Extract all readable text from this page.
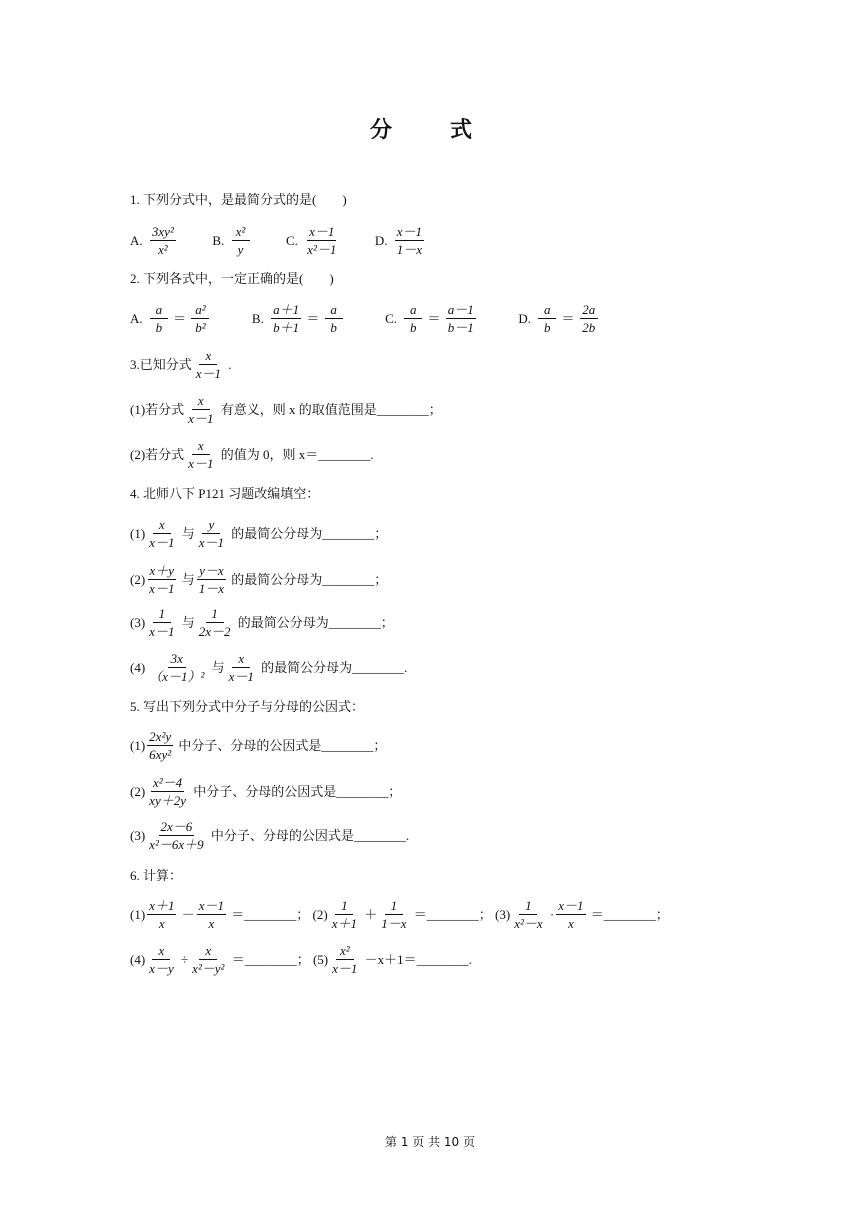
分　式
1. 下列分式中，是最简分式的是(　　)
A. $\frac{\text{3xy²}}{\text{x²}}$	B. $\frac{\text{x²}}{y}$	C. $\frac{x-1}{\text{x²－1}}$	D. $\frac{x-1}{1-x}$
2. 下列各式中，一定正确的是(　　)
A. $\frac{a}{b} = \frac{\text{a²}}{\text{b²}}$	B. $\frac{a+1}{b+1} = \frac{a}{b}$	C. $\frac{a}{b} = \frac{a-1}{b-1}$	D. $\frac{a}{b} = \frac{2a}{2b}$
3.已知分式 $\frac{x}{x-1}$ .
(1)若分式 $\frac{x}{x-1}$ 有意义，则 x 的取值范围是________；
(2)若分式 $\frac{x}{x-1}$ 的值为 0，则 x＝________.
4. 北师八下 P121 习题改编填空：
$(1) \frac{x}{x-1}$ 与 $\frac{y}{x-1}$ 的最简公分母为________；
$(2) \frac{x+y}{x-1}$ 与 $\frac{y-x}{1-x}$ 的最简公分母为________；
$(3) \frac{1}{x-1}$ 与 $\frac{1}{2x-2}$ 的最简公分母为________；
$(4) \frac{3x}{\text{（x－1）²}}$ 与 $\frac{x}{x-1}$ 的最简公分母为________.
5. 写出下列分式中分子与分母的公因式：
$(1) \frac{\text{2x²y}}{\text{6xy²}}$ 中分子、分母的公因式是________；
$(2) \frac{\text{x²－4}}{xy+2y}$ 中分子、分母的公因式是________；
$(3) \frac{2x-6}{\text{x²－6x＋9}}$ 中分子、分母的公因式是________.
6. 计算：
$(1) \frac{x+1}{x} - \frac{x-1}{x}$ ＝________； $(2) \frac{1}{x+1} + \frac{1}{1-x}$ ＝________； $(3) \frac{1}{\text{x²－x}} \cdot \frac{x-1}{x}$ ＝________；
$(4) \frac{x}{x-y} \div \frac{x}{\text{x²－y²}}$ ＝________； $(5) \frac{\text{x²}}{x-1}$ －x＋1＝________.
第 1 页 共 10 页
